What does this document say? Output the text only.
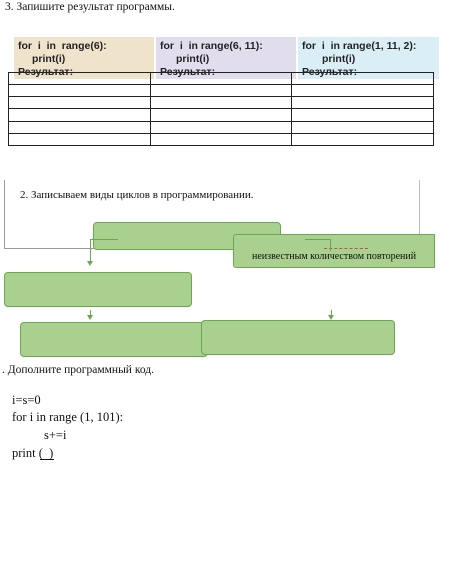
3. Запишите результат программы.
for  i  in  range(6):
print(i)
Результат:
for  i  in range(6, 11):
print(i)
Результат:
for  i  in range(1, 11, 2):
print(i)
Результат:

2. Записываем виды циклов в программировании.
неизвестным количеством повторений
. Дополните программный код.
i=s=0
for i in range (1, 101):
s+=i
print (  )
